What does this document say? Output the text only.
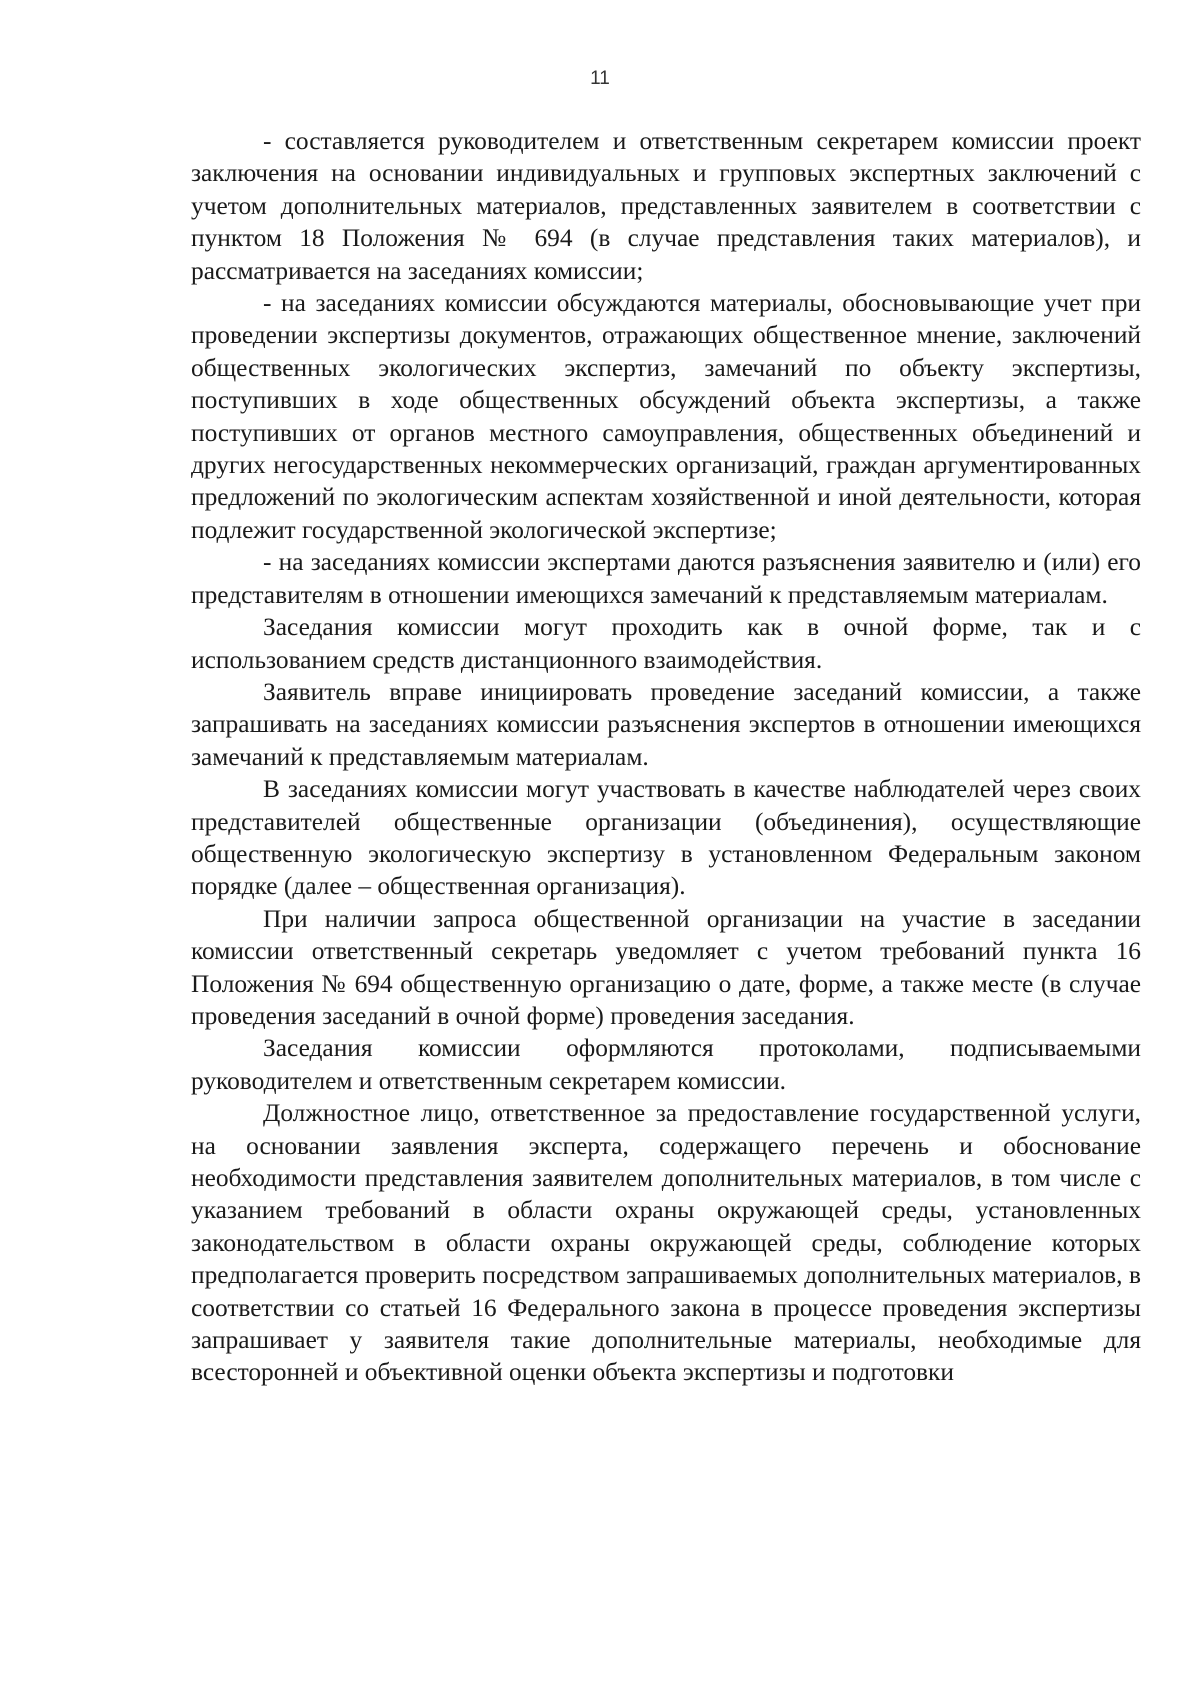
11

- составляется руководителем и ответственным секретарем комиссии проект заключения на основании индивидуальных и групповых экспертных заключений с учетом дополнительных материалов, представленных заявителем в соответствии с пунктом 18 Положения № 694 (в случае представления таких материалов), и рассматривается на заседаниях комиссии;

- на заседаниях комиссии обсуждаются материалы, обосновывающие учет при проведении экспертизы документов, отражающих общественное мнение, заключений общественных экологических экспертиз, замечаний по объекту экспертизы, поступивших в ходе общественных обсуждений объекта экспертизы, а также поступивших от органов местного самоуправления, общественных объединений и других негосударственных некоммерческих организаций, граждан аргументированных предложений по экологическим аспектам хозяйственной и иной деятельности, которая подлежит государственной экологической экспертизе;

- на заседаниях комиссии экспертами даются разъяснения заявителю и (или) его представителям в отношении имеющихся замечаний к представляемым материалам.

Заседания комиссии могут проходить как в очной форме, так и с использованием средств дистанционного взаимодействия.

Заявитель вправе инициировать проведение заседаний комиссии, а также запрашивать на заседаниях комиссии разъяснения экспертов в отношении имеющихся замечаний к представляемым материалам.

В заседаниях комиссии могут участвовать в качестве наблюдателей через своих представителей общественные организации (объединения), осуществляющие общественную экологическую экспертизу в установленном Федеральным законом порядке (далее – общественная организация).

При наличии запроса общественной организации на участие в заседании комиссии ответственный секретарь уведомляет с учетом требований пункта 16 Положения № 694 общественную организацию о дате, форме, а также месте (в случае проведения заседаний в очной форме) проведения заседания.

Заседания комиссии оформляются протоколами, подписываемыми руководителем и ответственным секретарем комиссии.

Должностное лицо, ответственное за предоставление государственной услуги, на основании заявления эксперта, содержащего перечень и обоснование необходимости представления заявителем дополнительных материалов, в том числе с указанием требований в области охраны окружающей среды, установленных законодательством в области охраны окружающей среды, соблюдение которых предполагается проверить посредством запрашиваемых дополнительных материалов, в соответствии со статьей 16 Федерального закона в процессе проведения экспертизы запрашивает у заявителя такие дополнительные материалы, необходимые для всесторонней и объективной оценки объекта экспертизы и подготовки
